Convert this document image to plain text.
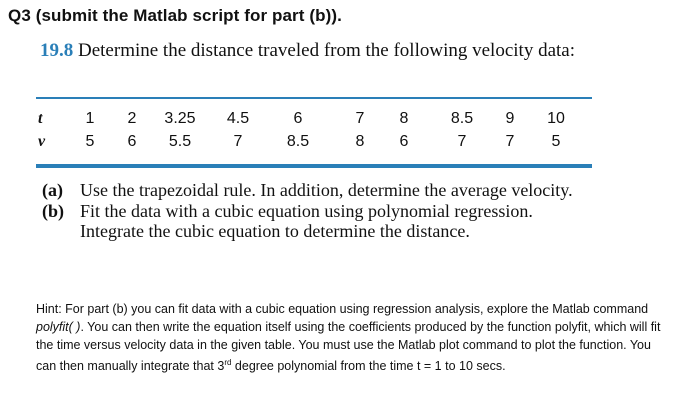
Q3 (submit the Matlab script for part (b)).
19.8 Determine the distance traveled from the following velocity data:
t	1	2	3.25	4.5	6	7	8	8.5	9	10
v	5	6	5.5	7	8.5	8	6	7	7	5

(a) Use the trapezoidal rule. In addition, determine the average velocity.

(b) Fit the data with a cubic equation using polynomial regression. Integrate the cubic equation to determine the distance.

Hint: For part (b) you can fit data with a cubic equation using regression analysis, explore the Matlab command polyfit( ). You can then write the equation itself using the coefficients produced by the function polyfit, which will fit the time versus velocity data in the given table. You must use the Matlab plot command to plot the function. You can then manually integrate that 3rd degree polynomial from the time t = 1 to 10 secs.
